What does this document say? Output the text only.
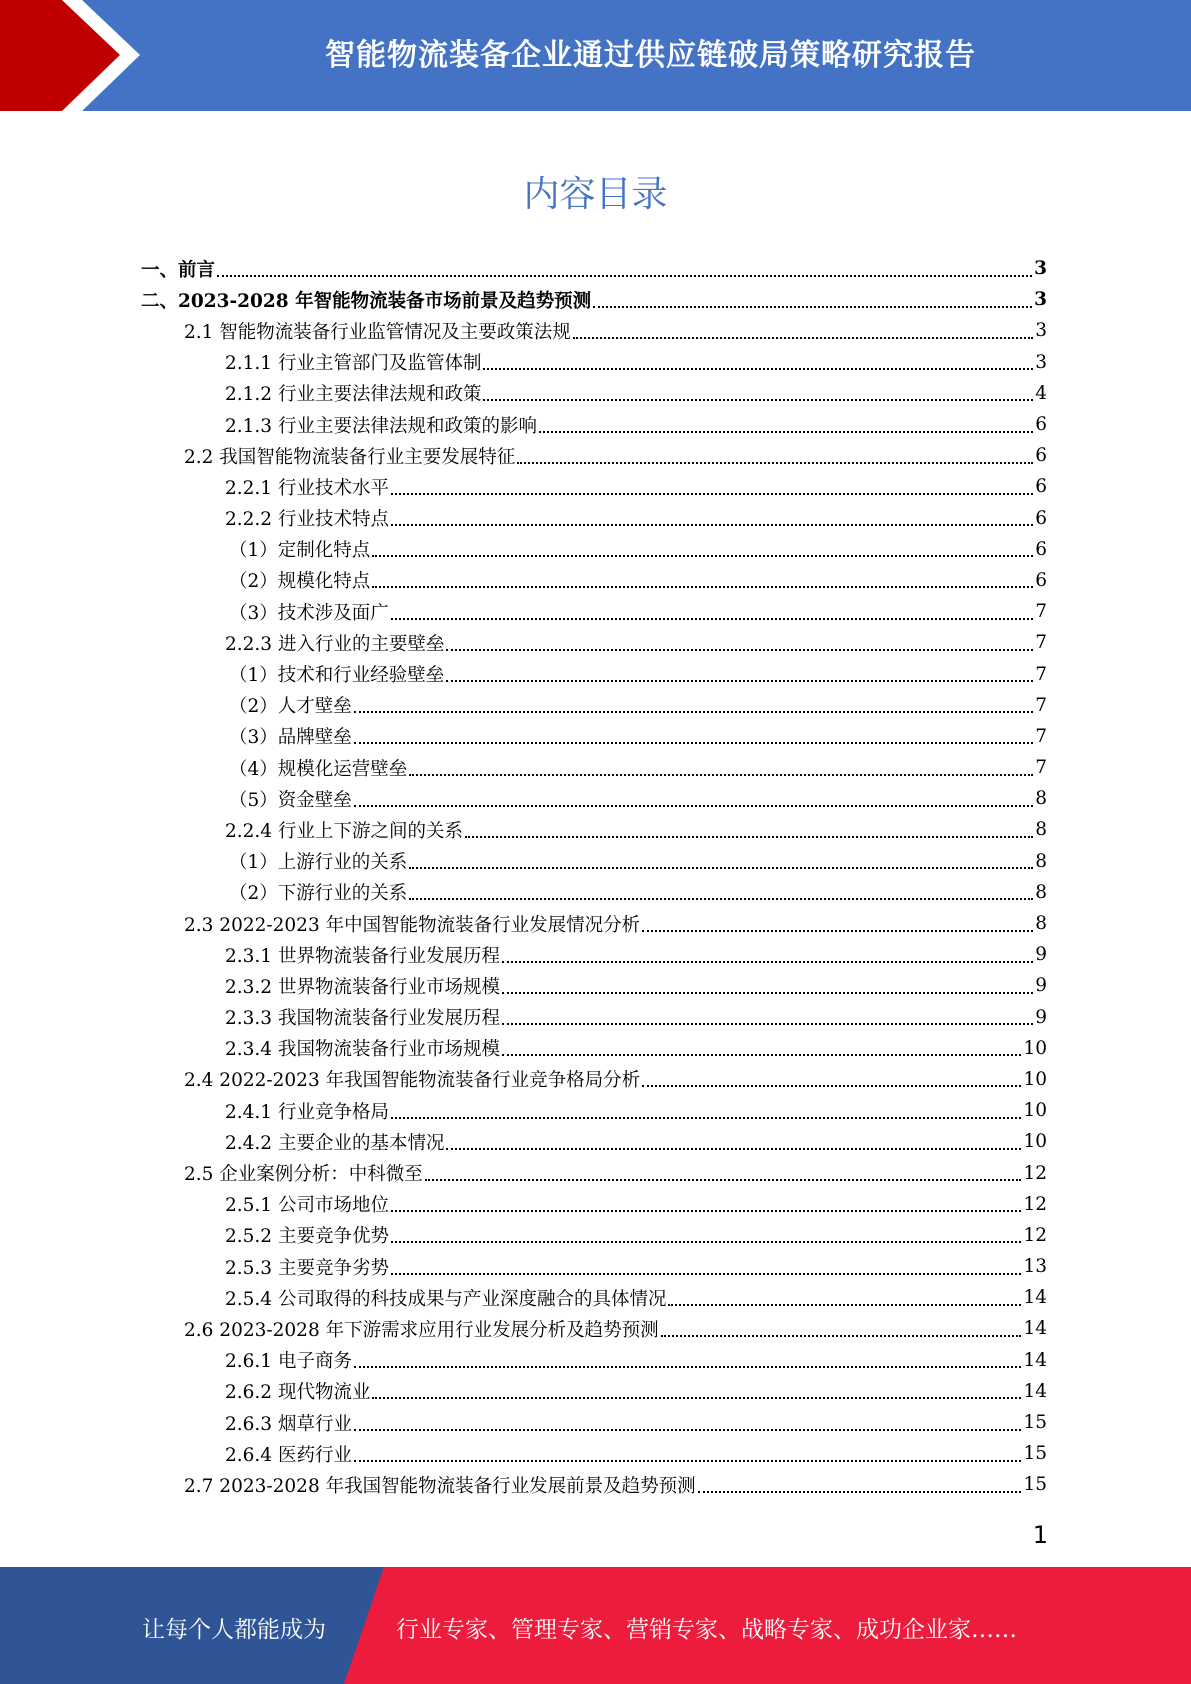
智能物流装备企业通过供应链破局策略研究报告
内容目录
一、前言	3
二、2023-2028 年智能物流装备市场前景及趋势预测	3
2.1 智能物流装备行业监管情况及主要政策法规	3
2.1.1 行业主管部门及监管体制	3
2.1.2 行业主要法律法规和政策	4
2.1.3 行业主要法律法规和政策的影响	6
2.2 我国智能物流装备行业主要发展特征	6
2.2.1 行业技术水平	6
2.2.2 行业技术特点	6
（1）定制化特点	6
（2）规模化特点	6
（3）技术涉及面广	7
2.2.3 进入行业的主要壁垒	7
（1）技术和行业经验壁垒	7
（2）人才壁垒	7
（3）品牌壁垒	7
（4）规模化运营壁垒	7
（5）资金壁垒	8
2.2.4 行业上下游之间的关系	8
（1）上游行业的关系	8
（2）下游行业的关系	8
2.3 2022-2023 年中国智能物流装备行业发展情况分析	8
2.3.1 世界物流装备行业发展历程	9
2.3.2 世界物流装备行业市场规模	9
2.3.3 我国物流装备行业发展历程	9
2.3.4 我国物流装备行业市场规模	10
2.4 2022-2023 年我国智能物流装备行业竞争格局分析	10
2.4.1 行业竞争格局	10
2.4.2 主要企业的基本情况	10
2.5 企业案例分析：中科微至	12
2.5.1 公司市场地位	12
2.5.2 主要竞争优势	12
2.5.3 主要竞争劣势	13
2.5.4 公司取得的科技成果与产业深度融合的具体情况	14
2.6 2023-2028 年下游需求应用行业发展分析及趋势预测	14
2.6.1 电子商务	14
2.6.2 现代物流业	14
2.6.3 烟草行业	15
2.6.4 医药行业	15
2.7 2023-2028 年我国智能物流装备行业发展前景及趋势预测	15
1
让每个人都能成为	行业专家、管理专家、营销专家、战略专家、成功企业家……
